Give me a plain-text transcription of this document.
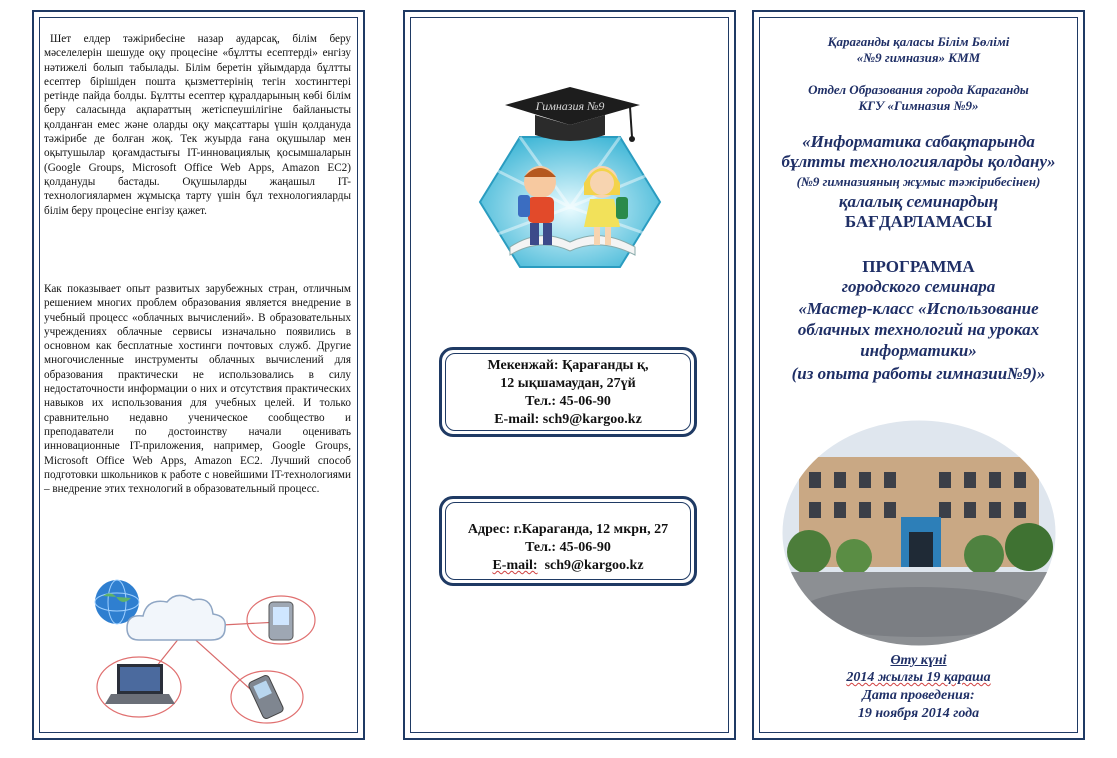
Шет елдер тәжірибесіне назар аударсақ, білім беру мәселелерін шешуде оқу процесіне «бұлтты есептерді» енгізу нәтижелі болып табылады. Білім беретін ұйымдарда бұлтты есептер бірішіден пошта қызметтерінің тегін хостингтері ретінде пайда болды. Бұлтты есептер құралдарының көбі білім беру саласында ақпараттың жетіспеушілігіне байланысты қолданған емес және оларды оқу мақсаттары үшін қолдануда тәжірибе де болған жоқ. Тек жуырда ғана оқушылар мен оқытушылар қоғамдастығы IT-инновациялық қосымшаларын (Google Groups, Microsoft Office Web Apps, Amazon EC2) қолдануды бастады. Оқушыларды жаңашыл IT-технологиялармен жұмысқа тарту үшін бұл технологияларды білім беру процесіне енгізу қажет.

Как показывает опыт развитых зарубежных стран, отличным решением многих проблем образования является внедрение в учебный процесс «облачных вычислений». В образовательных учреждениях облачные сервисы изначально появились в основном как бесплатные хостинги почтовых служб. Другие многочисленные инструменты облачных вычислений для образования практически не использовались в силу недостаточности информации о них и отсутствия практических навыков их использования для учебных целей. И только сравнительно недавно ученическое сообщество и преподаватели по достоинству начали оценивать инновационные IT-приложения, например, Google Groups, Microsoft Office Web Apps, Amazon EC2. Лучший способ подготовки школьников к работе с новейшими IT-технологиями – внедрение этих технологий в образовательный процесс.

Гимназия №9
Мекенжай: Қарағанды қ,
12 ықшамаудан, 27үй
Тел.: 45-06-90
E-mail: sch9@kargoo.kz
Адрес: г.Караганда, 12 мкрн, 27
Тел.: 45-06-90
E-mail: sch9@kargoo.kz
Қарағанды қаласы Білім Бөлімі
«№9 гимназия» КММ
Отдел Образования города Караганды
КГУ «Гимназия №9»
«Информатика сабақтарында
бұлтты технологияларды қолдану»
(№9 гимназияның жұмыс тәжірибесінен)
қалалық семинардың
БАҒДАРЛАМАСЫ
ПРОГРАММА
городского семинара
«Мастер-класс «Использование
облачных технологий на уроках
информатики»
(из опыта работы гимназии№9)»
Өту күні
2014 жылғы 19 қараша
Дата проведения:
19 ноября 2014 года
